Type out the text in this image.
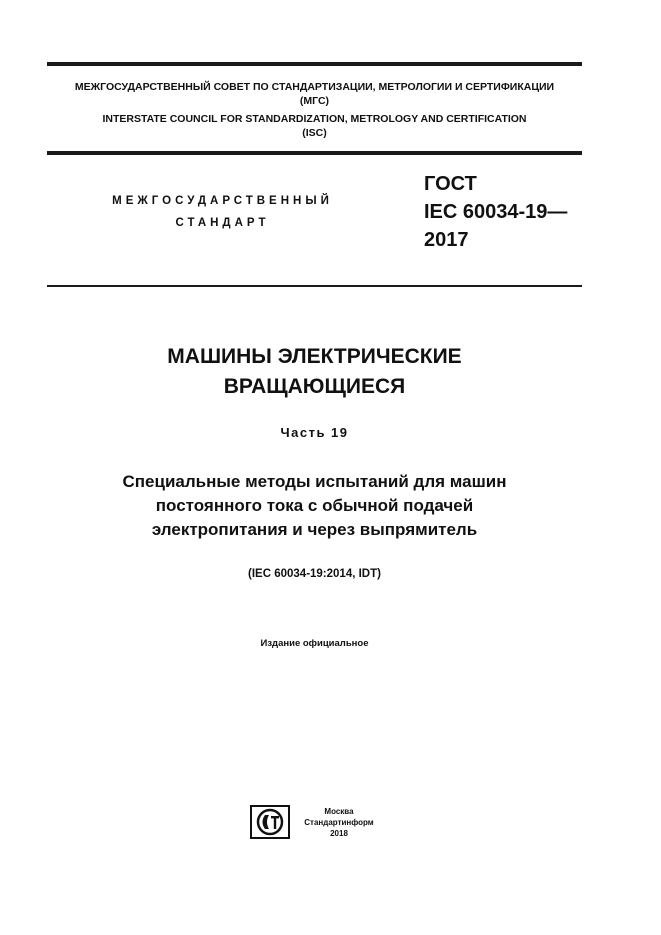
МЕЖГОСУДАРСТВЕННЫЙ СОВЕТ ПО СТАНДАРТИЗАЦИИ, МЕТРОЛОГИИ И СЕРТИФИКАЦИИ
(МГС)
INTERSTATE COUNCIL FOR STANDARDIZATION, METROLOGY AND CERTIFICATION
(ISC)
МЕЖГОСУДАРСТВЕННЫЙ
СТАНДАРТ
ГОСТ
IEC 60034-19—
2017
МАШИНЫ ЭЛЕКТРИЧЕСКИЕ
ВРАЩАЮЩИЕСЯ
Часть 19
Специальные методы испытаний для машин
постоянного тока с обычной подачей
электропитания и через выпрямитель
(IEC 60034-19:2014, IDT)
Издание официальное
Москва
Стандартинформ
2018
